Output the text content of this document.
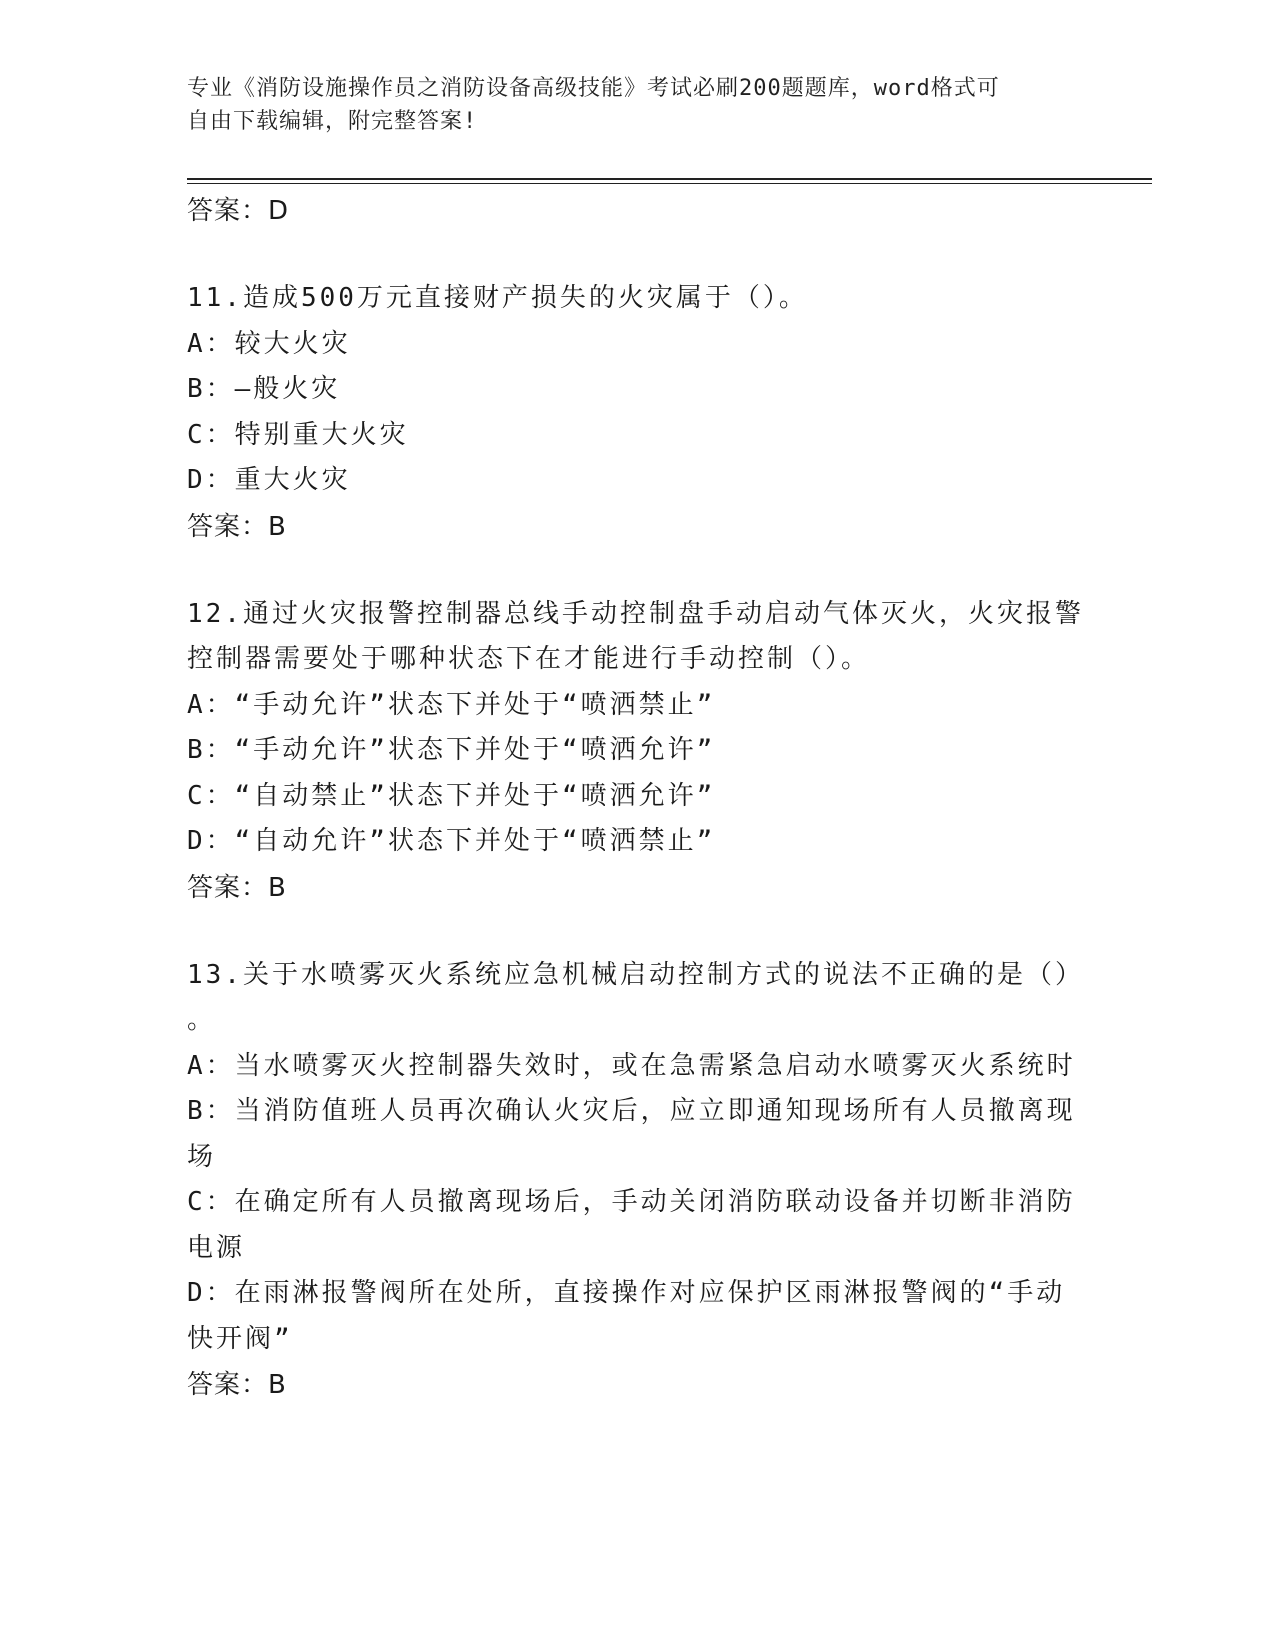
专业《消防设施操作员之消防设备高级技能》考试必刷200题题库，word格式可

自由下载编辑，附完整答案!

答案：D

11.造成500万元直接财产损失的火灾属于（）。

A：较大火灾

B：—般火灾

C：特别重大火灾

D：重大火灾

答案：B

12.通过火灾报警控制器总线手动控制盘手动启动气体灭火，火灾报警

控制器需要处于哪种状态下在才能进行手动控制（）。

A：“手动允许”状态下并处于“喷洒禁止”

B：“手动允许”状态下并处于“喷洒允许”

C：“自动禁止”状态下并处于“喷洒允许”

D：“自动允许”状态下并处于“喷洒禁止”

答案：B

13.关于水喷雾灭火系统应急机械启动控制方式的说法不正确的是（）

。

A：当水喷雾灭火控制器失效时，或在急需紧急启动水喷雾灭火系统时

B：当消防值班人员再次确认火灾后，应立即通知现场所有人员撤离现

场

C：在确定所有人员撤离现场后，手动关闭消防联动设备并切断非消防

电源

D：在雨淋报警阀所在处所，直接操作对应保护区雨淋报警阀的“手动

快开阀”

答案：B
